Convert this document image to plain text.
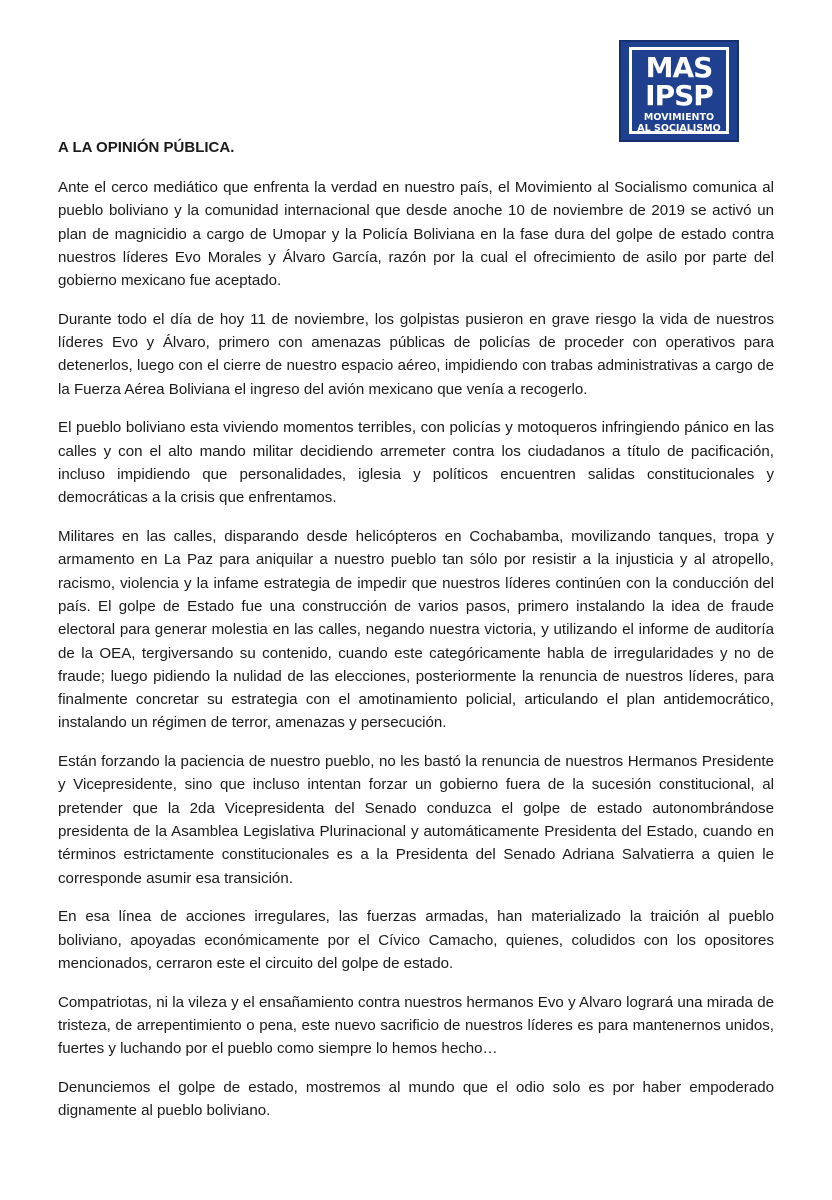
MAS
IPSP
MOVIMIENTO
AL SOCIALISMO
A LA OPINIÓN PÚBLICA.

Ante el cerco mediático que enfrenta la verdad en nuestro país, el Movimiento al Socialismo comunica al pueblo boliviano y la comunidad internacional que desde anoche 10 de noviembre de 2019 se activó un plan de magnicidio a cargo de Umopar y la Policía Boliviana en la fase dura del golpe de estado contra nuestros líderes Evo Morales y Álvaro García, razón por la cual el ofrecimiento de asilo por parte del gobierno mexicano fue aceptado.

Durante todo el día de hoy 11 de noviembre, los golpistas pusieron en grave riesgo la vida de nuestros líderes Evo y Álvaro, primero con amenazas públicas de policías de proceder con operativos para detenerlos, luego con el cierre de nuestro espacio aéreo, impidiendo con trabas administrativas a cargo de la Fuerza Aérea Boliviana el ingreso del avión mexicano que venía a recogerlo.

El pueblo boliviano esta viviendo momentos terribles, con policías y motoqueros infringiendo pánico en las calles y con el alto mando militar decidiendo arremeter contra los ciudadanos a título de pacificación, incluso impidiendo que personalidades, iglesia y políticos encuentren salidas constitucionales y democráticas a la crisis que enfrentamos.

Militares en las calles, disparando desde helicópteros en Cochabamba, movilizando tanques, tropa y armamento en La Paz para aniquilar a nuestro pueblo tan sólo por resistir a la injusticia y al atropello, racismo, violencia y la infame estrategia de impedir que nuestros líderes continúen con la conducción del país. El golpe de Estado fue una construcción de varios pasos, primero instalando la idea de fraude electoral para generar molestia en las calles, negando nuestra victoria, y utilizando el informe de auditoría de la OEA, tergiversando su contenido, cuando este categóricamente habla de irregularidades y no de fraude; luego pidiendo la nulidad de las elecciones, posteriormente la renuncia de nuestros líderes, para finalmente concretar su estrategia con el amotinamiento policial, articulando el plan antidemocrático, instalando un régimen de terror, amenazas y persecución.

Están forzando la paciencia de nuestro pueblo, no les bastó la renuncia de nuestros Hermanos Presidente y Vicepresidente, sino que incluso intentan forzar un gobierno fuera de la sucesión constitucional, al pretender que la 2da Vicepresidenta del Senado conduzca el golpe de estado autonombrándose presidenta de la Asamblea Legislativa Plurinacional y automáticamente Presidenta del Estado, cuando en términos estrictamente constitucionales es a la Presidenta del Senado Adriana Salvatierra a quien le corresponde asumir esa transición.

En esa línea de acciones irregulares, las fuerzas armadas, han materializado la traición al pueblo boliviano, apoyadas económicamente por el Cívico Camacho, quienes, coludidos con los opositores mencionados, cerraron este el circuito del golpe de estado.

Compatriotas, ni la vileza y el ensañamiento contra nuestros hermanos Evo y Alvaro logrará una mirada de tristeza, de arrepentimiento o pena, este nuevo sacrificio de nuestros líderes es para mantenernos unidos, fuertes y luchando por el pueblo como siempre lo hemos hecho…

Denunciemos el golpe de estado, mostremos al mundo que el odio solo es por haber empoderado dignamente al pueblo boliviano.
